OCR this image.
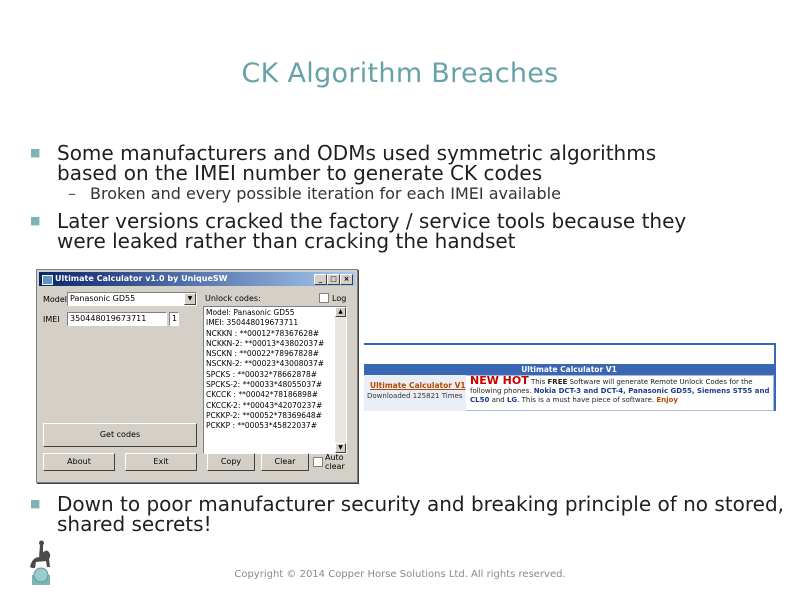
CK Algorithm Breaches
■ Some manufacturers and ODMs used symmetric algorithms
based on the IMEI number to generate CK codes
– Broken and every possible iteration for each IMEI available
■ Later versions cracked the factory / service tools because they
were leaked rather than cracking the handset
Ultimate Calculator v1.0 by UniqueSW	_	□ ×
Model Panasonic GD55	▼
IMEI	350448019673711	1
Get codes
About	Exit
Unlock codes:	Log
Model: Panasonic GD55
IMEI: 350448019673711
NCKKN : **00012*78367628#
NCKKN-2: **00013*43802037#
NSCKN : **00022*78967828#
NSCKN-2: **00023*43008037#
SPCKS : **00032*78662878#
SPCKS-2: **00033*48055037#
CKCCK : **00042*78186898#
CKCCK-2: **00043*42070237#
PCKKP-2: **00052*78369648#
PCKKP : **00053*45822037#
▲
▼
Copy	Clear	Auto clear
Ultimate Calculator V1
Ultimate Calculator V1
Downloaded 125821 Times
NEW HOT This FREE Software will generate Remote Unlock Codes for the following phones. Nokia DCT-3 and DCT-4, Panasonic GD55, Siemens ST55 and CL50 and LG. This is a must have piece of software. Enjoy
■ Down to poor manufacturer security and breaking principle of no stored,
shared secrets!
Copyright © 2014 Copper Horse Solutions Ltd. All rights reserved.
